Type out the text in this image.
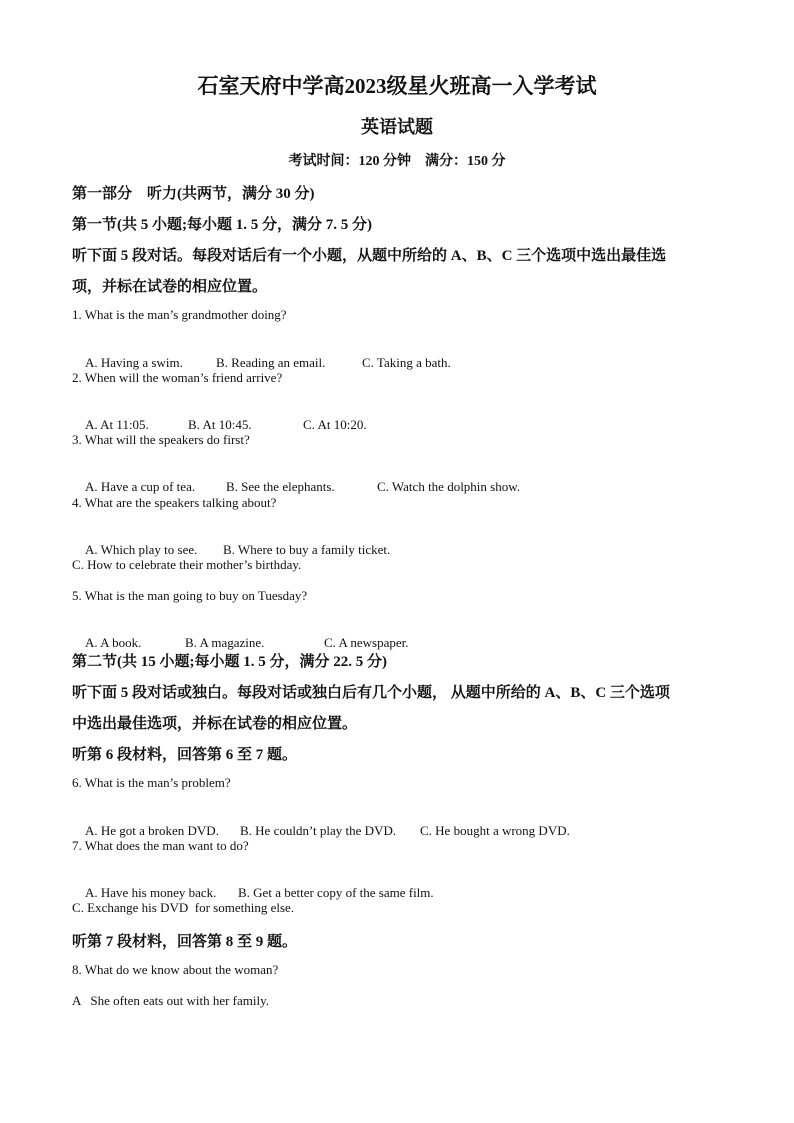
石室天府中学高2023级星火班高一入学考试
英语试题
考试时间：120 分钟    满分：150 分
第一部分    听力(共两节，满分 30 分)
第一节(共 5 小题;每小题 1. 5 分，满分 7. 5 分)
听下面 5 段对话。每段对话后有一个小题，从题中所给的 A、B、C 三个选项中选出最佳选
项，并标在试卷的相应位置。
1. What is the man’s grandmother doing?

A. Having a swim.	B. Reading an email.	C. Taking a bath.

2. When will the woman’s friend arrive?

A. At 11:05.	B. At 10:45.	C. At 10:20.

3. What will the speakers do first?

A. Have a cup of tea. B. See the elephants.	C. Watch the dolphin show.

4. What are the speakers talking about?

A. Which play to see. B. Where to buy a family ticket.

C. How to celebrate their mother’s birthday.
5. What is the man going to buy on Tuesday?

A. A book.	B. A magazine.	C. A newspaper.

第二节(共 15 小题;每小题 1. 5 分，满分 22. 5 分)
听下面 5 段对话或独白。每段对话或独白后有几个小题， 从题中所给的 A、B、C 三个选项
中选出最佳选项，并标在试卷的相应位置。
听第 6 段材料，回答第 6 至 7 题。
6. What is the man’s problem?

A. He got a broken DVD. B. He couldn’t play the DVD. C. He bought a wrong DVD.

7. What does the man want to do?

A. Have his money back. B. Get a better copy of the same film.

C. Exchange his DVD  for something else.
听第 7 段材料，回答第 8 至 9 题。
8. What do we know about the woman?
A   She often eats out with her family.
